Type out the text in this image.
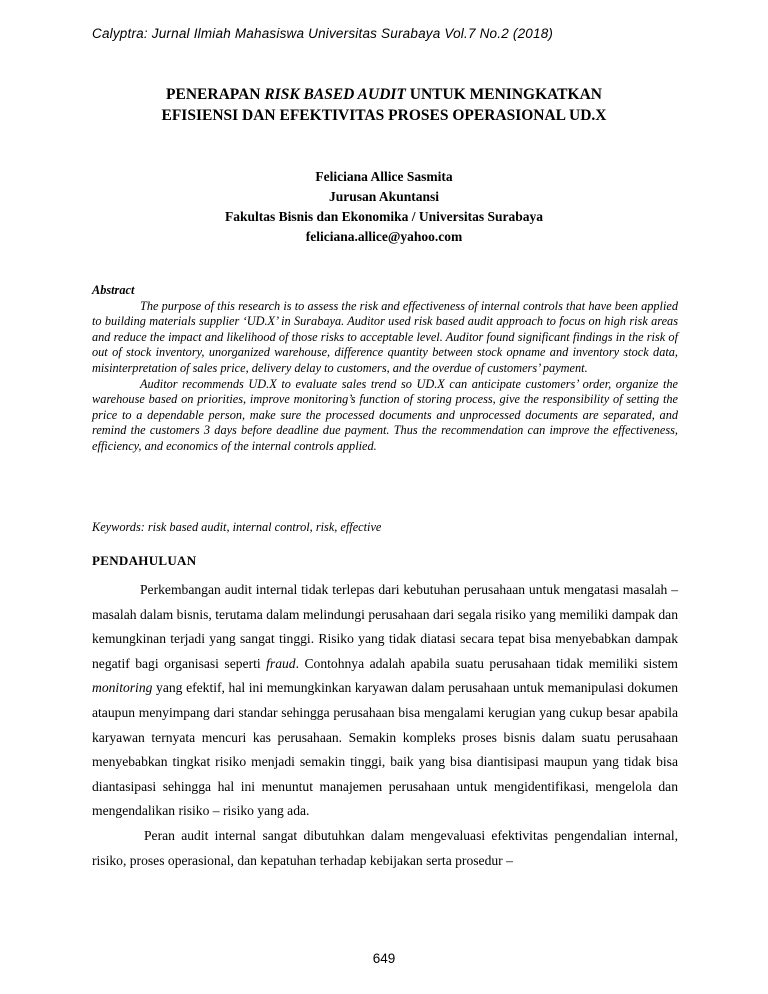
Calyptra: Jurnal Ilmiah Mahasiswa Universitas Surabaya Vol.7 No.2 (2018)
PENERAPAN RISK BASED AUDIT UNTUK MENINGKATKAN
EFISIENSI DAN EFEKTIVITAS PROSES OPERASIONAL UD.X
Feliciana Allice Sasmita
Jurusan Akuntansi
Fakultas Bisnis dan Ekonomika / Universitas Surabaya
feliciana.allice@yahoo.com
Abstract

The purpose of this research is to assess the risk and effectiveness of internal controls that have been applied to building materials supplier ‘UD.X’ in Surabaya. Auditor used risk based audit approach to focus on high risk areas and reduce the impact and likelihood of those risks to acceptable level. Auditor found significant findings in the risk of out of stock inventory, unorganized warehouse, difference quantity between stock opname and inventory stock data, misinterpretation of sales price, delivery delay to customers, and the overdue of customers’ payment.

Auditor recommends UD.X to evaluate sales trend so UD.X can anticipate customers’ order, organize the warehouse based on priorities, improve monitoring’s function of storing process, give the responsibility of setting the price to a dependable person, make sure the processed documents and unprocessed documents are separated, and remind the customers 3 days before deadline due payment. Thus the recommendation can improve the effectiveness, efficiency, and economics of the internal controls applied.

Keywords: risk based audit, internal control, risk, effective
PENDAHULUAN

Perkembangan audit internal tidak terlepas dari kebutuhan perusahaan untuk mengatasi masalah – masalah dalam bisnis, terutama dalam melindungi perusahaan dari segala risiko yang memiliki dampak dan kemungkinan terjadi yang sangat tinggi. Risiko yang tidak diatasi secara tepat bisa menyebabkan dampak negatif bagi organisasi seperti fraud. Contohnya adalah apabila suatu perusahaan tidak memiliki sistem monitoring yang efektif, hal ini memungkinkan karyawan dalam perusahaan untuk memanipulasi dokumen ataupun menyimpang dari standar sehingga perusahaan bisa mengalami kerugian yang cukup besar apabila karyawan ternyata mencuri kas perusahaan. Semakin kompleks proses bisnis dalam suatu perusahaan menyebabkan tingkat risiko menjadi semakin tinggi, baik yang bisa diantisipasi maupun yang tidak bisa diantasipasi sehingga hal ini menuntut manajemen perusahaan untuk mengidentifikasi, mengelola dan mengendalikan risiko – risiko yang ada.

Peran audit internal sangat dibutuhkan dalam mengevaluasi efektivitas pengendalian internal, risiko, proses operasional, dan kepatuhan terhadap kebijakan serta prosedur –

649
